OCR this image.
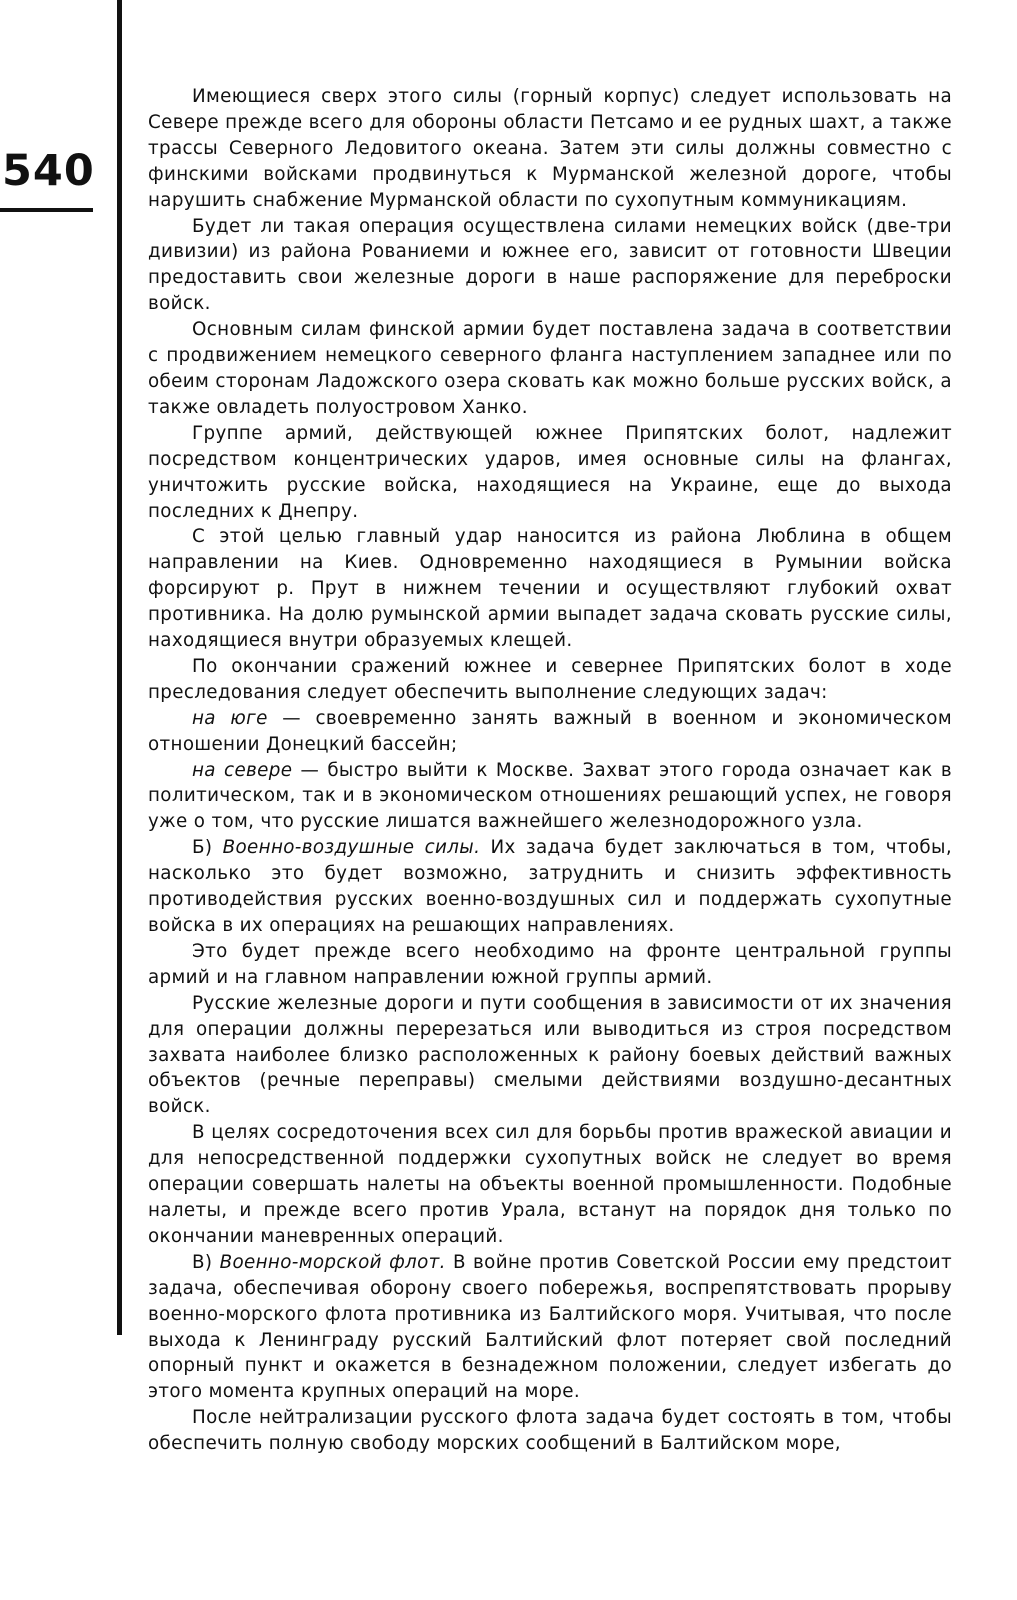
540

Имеющиеся сверх этого силы (горный корпус) следует использовать на Севере прежде всего для обороны области Петсамо и ее рудных шахт, а также трассы Северного Ледовитого океана. Затем эти силы должны совместно с финскими войсками продвинуться к Мурманской железной дороге, чтобы нарушить снабжение Мурманской области по сухопутным коммуникациям.

Будет ли такая операция осуществлена силами немецких войск (две-три дивизии) из района Рованиеми и южнее его, зависит от готовности Швеции предоставить свои железные дороги в наше распоряжение для переброски войск.

Основным силам финской армии будет поставлена задача в соответствии с продвижением немецкого северного фланга наступлением западнее или по обеим сторонам Ладожского озера сковать как можно больше русских войск, а также овладеть полуостровом Ханко.

Группе армий, действующей южнее Припятских болот, надлежит посредством концентрических ударов, имея основные силы на флангах, уничтожить русские войска, находящиеся на Украине, еще до выхода последних к Днепру.

С этой целью главный удар наносится из района Люблина в общем направлении на Киев. Одновременно находящиеся в Румынии войска форсируют р. Прут в нижнем течении и осуществляют глубокий охват противника. На долю румынской армии выпадет задача сковать русские силы, находящиеся внутри образуемых клещей.

По окончании сражений южнее и севернее Припятских болот в ходе преследования следует обеспечить выполнение следующих задач:

на юге — своевременно занять важный в военном и экономическом отношении Донецкий бассейн;

на севере — быстро выйти к Москве. Захват этого города означает как в политическом, так и в экономическом отношениях решающий успех, не говоря уже о том, что русские лишатся важнейшего железнодорожного узла.

Б) Военно-воздушные силы. Их задача будет заключаться в том, чтобы, насколько это будет возможно, затруднить и снизить эффективность противодействия русских военно-воздушных сил и поддержать сухопутные войска в их операциях на решающих направлениях.

Это будет прежде всего необходимо на фронте центральной группы армий и на главном направлении южной группы армий.

Русские железные дороги и пути сообщения в зависимости от их значения для операции должны перерезаться или выводиться из строя посредством захвата наиболее близко расположенных к району боевых действий важных объектов (речные переправы) смелыми действиями воздушно-десантных войск.

В целях сосредоточения всех сил для борьбы против вражеской авиации и для непосредственной поддержки сухопутных войск не следует во время операции совершать налеты на объекты военной промышленности. Подобные налеты, и прежде всего против Урала, встанут на порядок дня только по окончании маневренных операций.

В) Военно-морской флот. В войне против Советской России ему предстоит задача, обеспечивая оборону своего побережья, воспрепятствовать прорыву военно-морского флота противника из Балтийского моря. Учитывая, что после выхода к Ленинграду русский Балтийский флот потеряет свой последний опорный пункт и окажется в безнадежном положении, следует избегать до этого момента крупных операций на море.

После нейтрализации русского флота задача будет состоять в том, чтобы обеспечить полную свободу морских сообщений в Балтийском море,
